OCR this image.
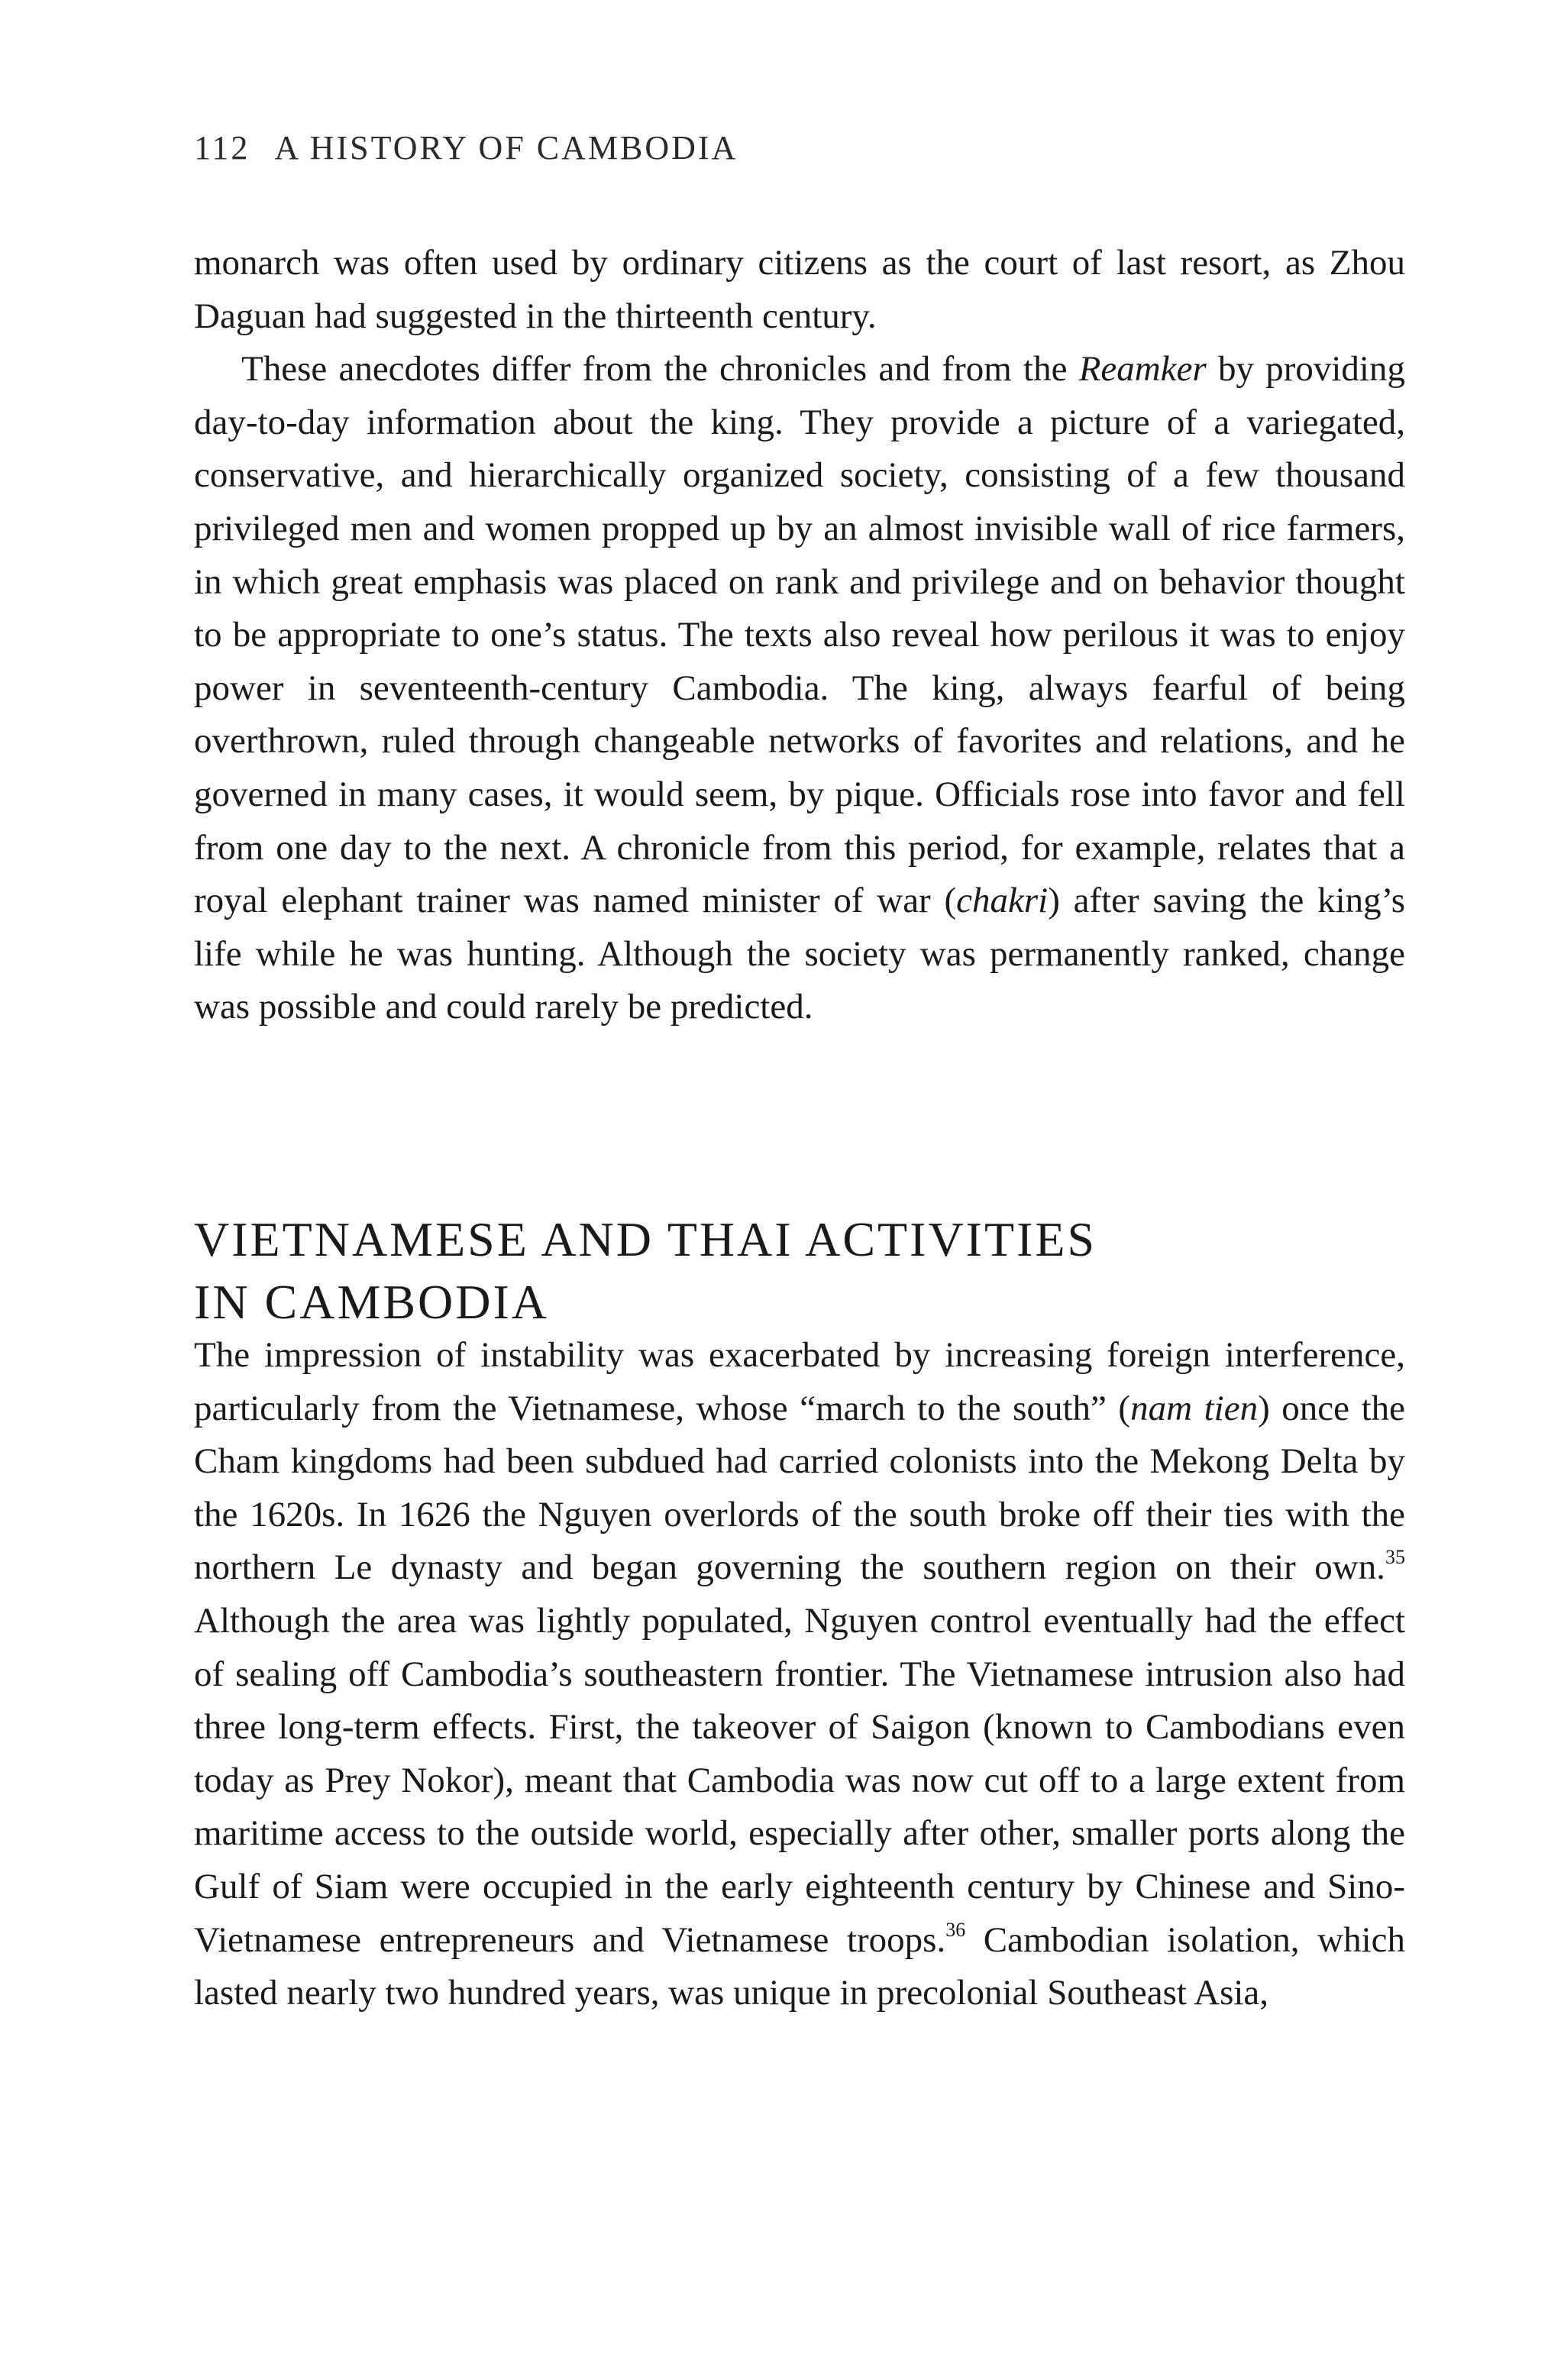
112 A HISTORY OF CAMBODIA

monarch was often used by ordinary citizens as the court of last resort, as Zhou Daguan had suggested in the thirteenth century.

These anecdotes differ from the chronicles and from the Reamker by providing day-to-day information about the king. They provide a picture of a variegated, conservative, and hierarchically organized society, consisting of a few thousand privileged men and women propped up by an almost invisible wall of rice farmers, in which great emphasis was placed on rank and privilege and on behavior thought to be appropriate to one’s status. The texts also reveal how perilous it was to enjoy power in seventeenth-century Cambodia. The king, always fearful of being overthrown, ruled through changeable networks of favorites and relations, and he governed in many cases, it would seem, by pique. Officials rose into favor and fell from one day to the next. A chronicle from this period, for example, relates that a royal elephant trainer was named minister of war (chakri) after saving the king’s life while he was hunting. Although the society was permanently ranked, change was possible and could rarely be predicted.

VIETNAMESE AND THAI ACTIVITIES
IN CAMBODIA

The impression of instability was exacerbated by increasing foreign interference, particularly from the Vietnamese, whose “march to the south” (nam tien) once the Cham kingdoms had been subdued had carried colonists into the Mekong Delta by the 1620s. In 1626 the Nguyen overlords of the south broke off their ties with the northern Le dynasty and began governing the southern region on their own.$^{35}$ Although the area was lightly populated, Nguyen control eventually had the effect of sealing off Cambodia’s southeastern frontier. The Vietnamese intrusion also had three long-term effects. First, the takeover of Saigon (known to Cambodians even today as Prey Nokor), meant that Cambodia was now cut off to a large extent from maritime access to the outside world, especially after other, smaller ports along the Gulf of Siam were occupied in the early eighteenth century by Chinese and Sino-Vietnamese entrepreneurs and Vietnamese troops.$^{36}$ Cambodian isolation, which lasted nearly two hundred years, was unique in precolonial Southeast Asia,
